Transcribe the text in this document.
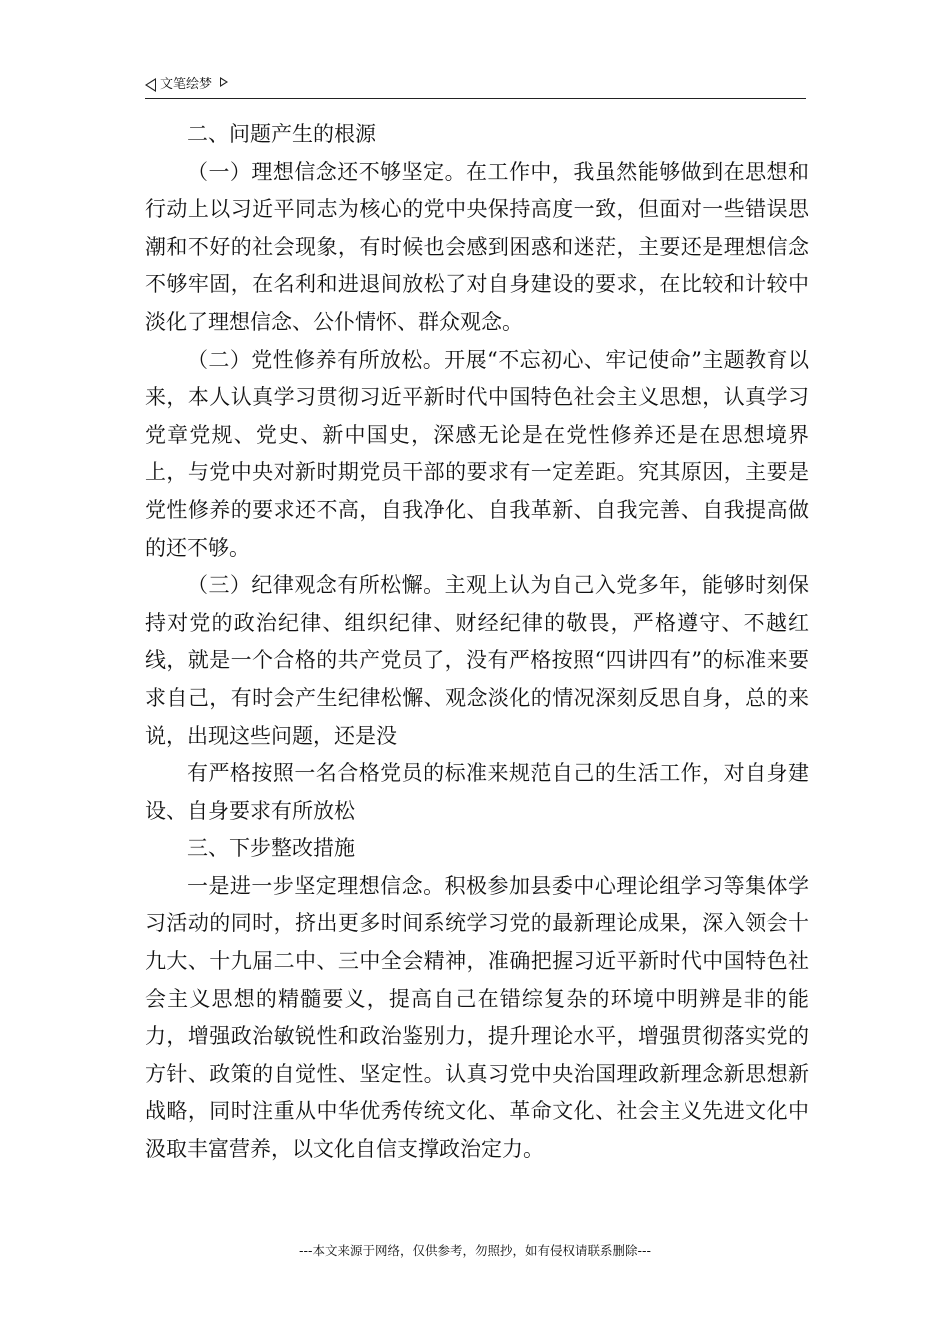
文笔绘梦

二、问题产生的根源

（一）理想信念还不够坚定。在工作中，我虽然能够做到在思想和行动上以习近平同志为核心的党中央保持高度一致，但面对一些错误思潮和不好的社会现象，有时候也会感到困惑和迷茫，主要还是理想信念不够牢固，在名利和进退间放松了对自身建设的要求，在比较和计较中淡化了理想信念、公仆情怀、群众观念。

（二）党性修养有所放松。开展“不忘初心、牢记使命”主题教育以来，本人认真学习贯彻习近平新时代中国特色社会主义思想，认真学习党章党规、党史、新中国史，深感无论是在党性修养还是在思想境界上，与党中央对新时期党员干部的要求有一定差距。究其原因，主要是党性修养的要求还不高，自我净化、自我革新、自我完善、自我提高做的还不够。

（三）纪律观念有所松懈。主观上认为自己入党多年，能够时刻保持对党的政治纪律、组织纪律、财经纪律的敬畏，严格遵守、不越红线，就是一个合格的共产党员了，没有严格按照“四讲四有”的标准来要求自己，有时会产生纪律松懈、观念淡化的情况深刻反思自身，总的来说，出现这些问题，还是没

有严格按照一名合格党员的标准来规范自己的生活工作，对自身建设、自身要求有所放松

三、下步整改措施

一是进一步坚定理想信念。积极参加县委中心理论组学习等集体学习活动的同时，挤出更多时间系统学习党的最新理论成果，深入领会十九大、十九届二中、三中全会精神，准确把握习近平新时代中国特色社会主义思想的精髓要义，提高自己在错综复杂的环境中明辨是非的能力，增强政治敏锐性和政治鉴别力，提升理论水平，增强贯彻落实党的方针、政策的自觉性、坚定性。认真习党中央治国理政新理念新思想新战略，同时注重从中华优秀传统文化、革命文化、社会主义先进文化中汲取丰富营养，以文化自信支撑政治定力。

---本文来源于网络，仅供参考，勿照抄，如有侵权请联系删除---
